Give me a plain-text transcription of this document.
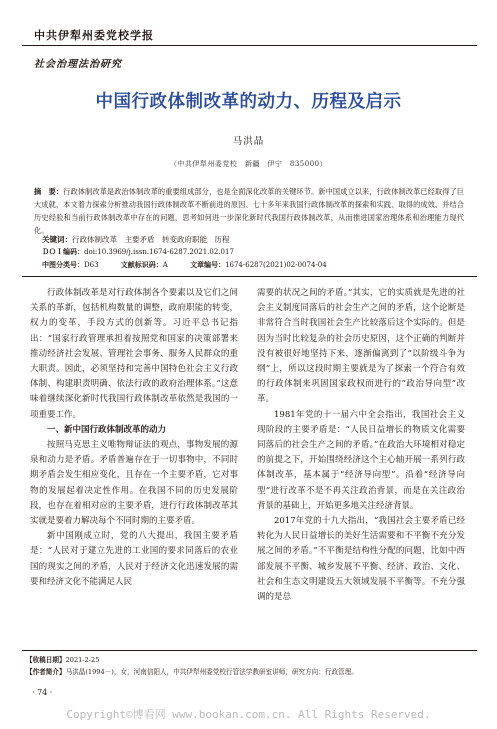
中共伊犁州委党校学报
社会治理法治研究
中国行政体制改革的动力、历程及启示
马洪晶
（中共伊犁州委党校　新疆　伊宁　835000）

摘　要：行政体制改革是政治体制改革的重要组成部分，也是全面深化改革的关键环节。新中国成立以来，行政体制改革已经取得了巨大成就，本文着力探索分析推动我国行政体制改革不断前进的原因、七十多年来我国行政体制改革的探索和实践、取得的成效、并结合历史经验和当前行政体制改革中存在的问题，思考如何进一步深化新时代我国行政体制改革，从而推进国家治理体系和治理能力现代化。

关键词：行政体制改革　主要矛盾　转变政府职能　历程
ＤＯＩ编码：doi:10.3969/j.issn.1674-6287.2021.02.017
中图分类号：D63	文献标识码：A	文章编号：1674-6287(2021)02-0074-04

行政体制改革是对行政体制各个要素以及它们之间关系的革新，包括机构数量的调整，政府职能的转变，权力的变革，手段方式的创新等。习近平总书记指出：“国家行政管理承担着按照党和国家的决策部署来推动经济社会发展、管理社会事务、服务人民群众的重大职责。因此，必须坚持和完善中国特色社会主义行政体制、构建职责明确、依法行政的政府治理体系。”这意味着继续深化新时代我国行政体制改革依然是我国的一项重要工作。

一、新中国行政体制改革的动力

按照马克思主义唯物辩证法的观点，事物发展的源泉和动力是矛盾。矛盾普遍存在于一切事物中，不同时期矛盾会发生相应变化，且存在一个主要矛盾，它对事物的发展起着决定性作用。在我国不同的历史发展阶段，也存在着相对应的主要矛盾，进行行政体制改革其实就是要着力解决每个不同时期的主要矛盾。

新中国刚成立时，党的八大提出，我国主要矛盾是：“人民对于建立先进的工业国的要求同落后的农业国的现实之间的矛盾，人民对于经济文化迅速发展的需要和经济文化不能满足人民

需要的状况之间的矛盾。”其实，它的实质就是先进的社会主义制度同落后的社会生产之间的矛盾，这个论断是非常符合当时我国社会生产比较落后这个实际的。但是因为当时比较复杂的社会历史原因，这个正确的判断并没有被很好地坚持下来，逐渐偏离到了“以阶级斗争为纲”上，所以这段时期主要就是为了探索一个符合有效的行政体制来巩固国家政权而进行的“政治导向型”改革。

1981年党的十一届六中全会指出，我国社会主义现阶段的主要矛盾是：“人民日益增长的物质文化需要同落后的社会生产之间的矛盾。”在政治大环境相对稳定的前提之下，开始围绕经济这个主心轴开展一系列行政体制改革，基本属于“经济导向型”。沿着“经济导向型”进行改革不是不再关注政治背景，而是在关注政治背景的基础上，开始更多地关注经济背景。

2017年党的十九大指出，“我国社会主要矛盾已经转化为人民日益增长的美好生活需要和不平衡不充分发展之间的矛盾。”不平衡是结构性分配的问题，比如中西部发展不平衡、城乡发展不平衡、经济、政治、文化、社会和生态文明建设五大领域发展不平衡等。不充分强调的是总

【收稿日期】2021-2-25
【作者简介】马洪晶(1994－)，女，河南信阳人，中共伊犁州委党校行管法学教研室讲师，研究方向：行政管理。
· 74 ·
Copyright©博看网 www.bookan.com.cn. All Rights Reserved.
